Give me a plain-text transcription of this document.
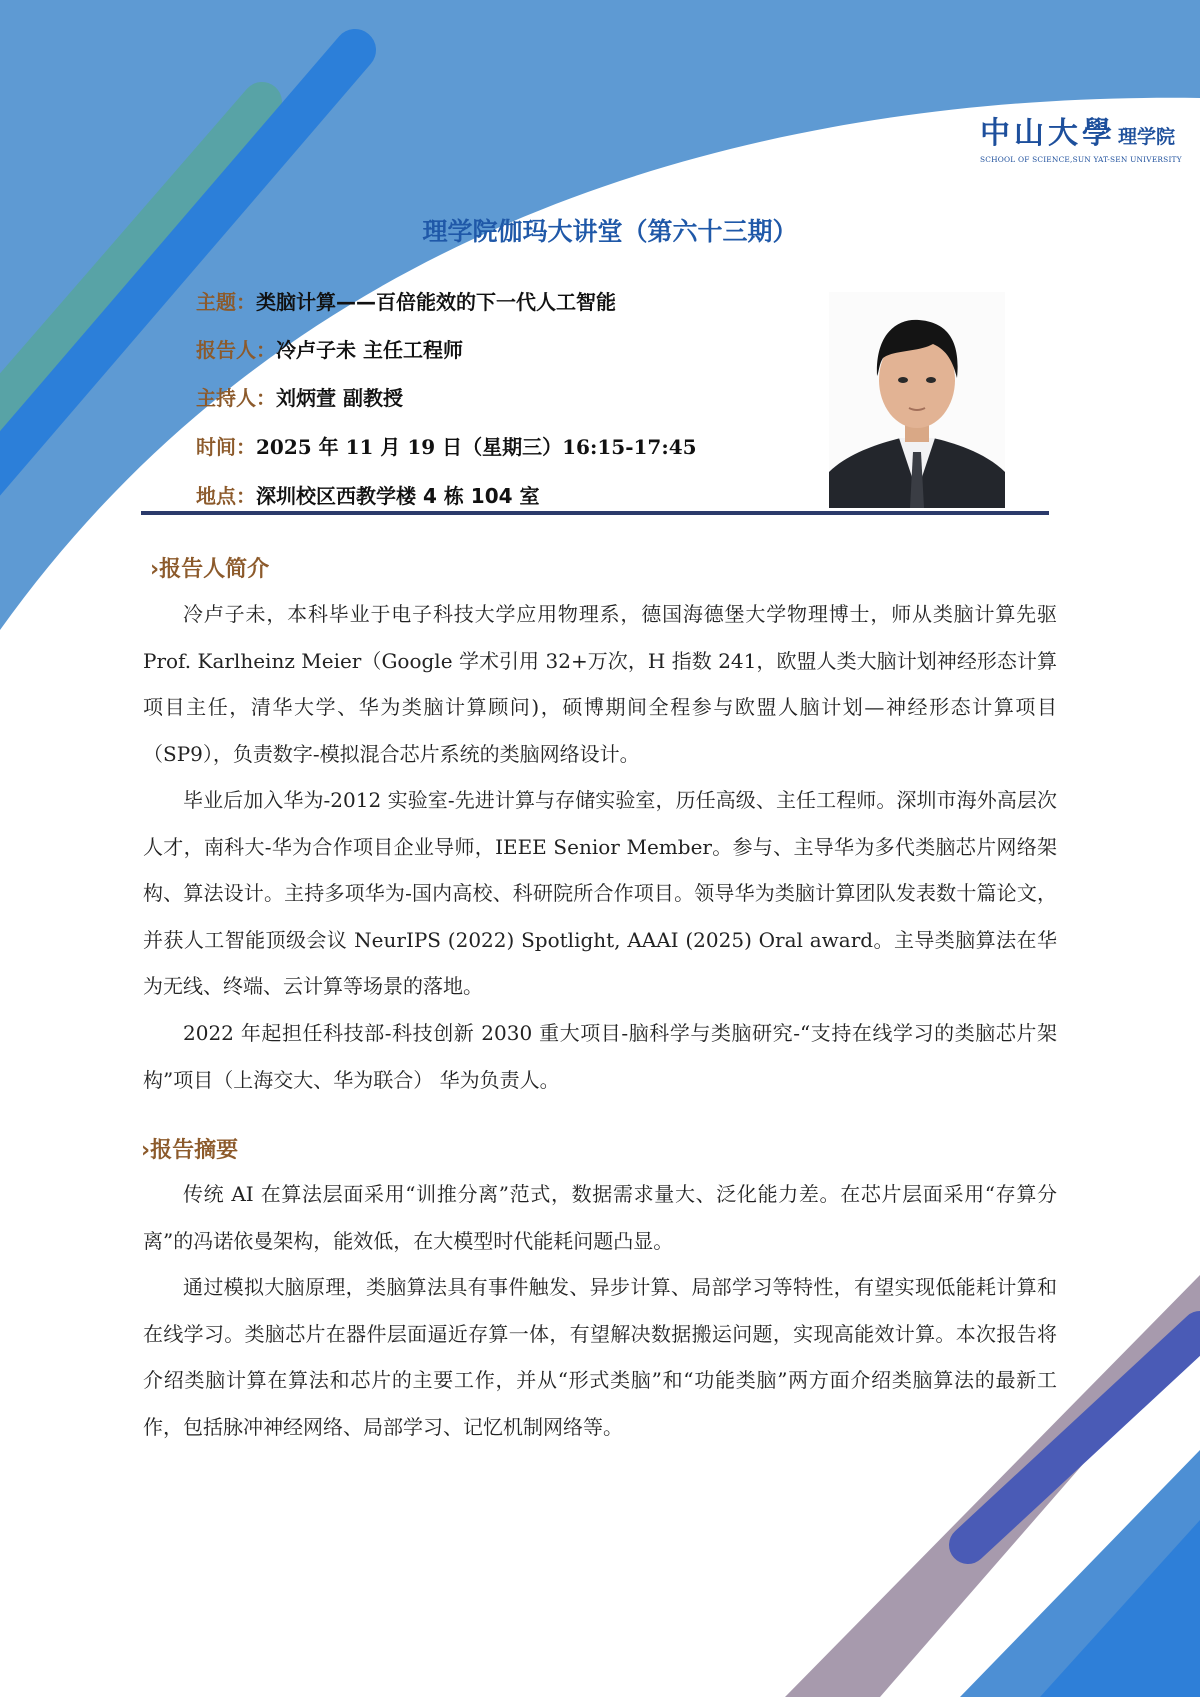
中山大學 理学院
SCHOOL OF SCIENCE,SUN YAT-SEN UNIVERSITY
理学院伽玛大讲堂（第六十三期）
主题：类脑计算——百倍能效的下一代人工智能
报告人：冷卢子未 主任工程师
主持人：刘炳萱 副教授
时间：2025 年 11 月 19 日（星期三）16:15-17:45
地点：深圳校区西教学楼 4 栋 104 室
›报告人简介

冷卢子未，本科毕业于电子科技大学应用物理系，德国海德堡大学物理博士，师从类脑计算先驱 Prof. Karlheinz Meier（Google 学术引用 32+万次，H 指数 241，欧盟人类大脑计划神经形态计算项目主任，清华大学、华为类脑计算顾问)，硕博期间全程参与欧盟人脑计划—神经形态计算项目（SP9），负责数字-模拟混合芯片系统的类脑网络设计。

毕业后加入华为-2012 实验室-先进计算与存储实验室，历任高级、主任工程师。深圳市海外高层次人才，南科大-华为合作项目企业导师，IEEE Senior Member。参与、主导华为多代类脑芯片网络架构、算法设计。主持多项华为-国内高校、科研院所合作项目。领导华为类脑计算团队发表数十篇论文，并获人工智能顶级会议 NeurIPS (2022) Spotlight, AAAI (2025) Oral award。主导类脑算法在华为无线、终端、云计算等场景的落地。

2022 年起担任科技部-科技创新 2030 重大项目-脑科学与类脑研究-“支持在线学习的类脑芯片架构”项目（上海交大、华为联合） 华为负责人。

›报告摘要

传统 AI 在算法层面采用“训推分离”范式，数据需求量大、泛化能力差。在芯片层面采用“存算分离”的冯诺依曼架构，能效低，在大模型时代能耗问题凸显。

通过模拟大脑原理，类脑算法具有事件触发、异步计算、局部学习等特性，有望实现低能耗计算和在线学习。类脑芯片在器件层面逼近存算一体，有望解决数据搬运问题，实现高能效计算。本次报告将介绍类脑计算在算法和芯片的主要工作，并从“形式类脑”和“功能类脑”两方面介绍类脑算法的最新工作，包括脉冲神经网络、局部学习、记忆机制网络等。
